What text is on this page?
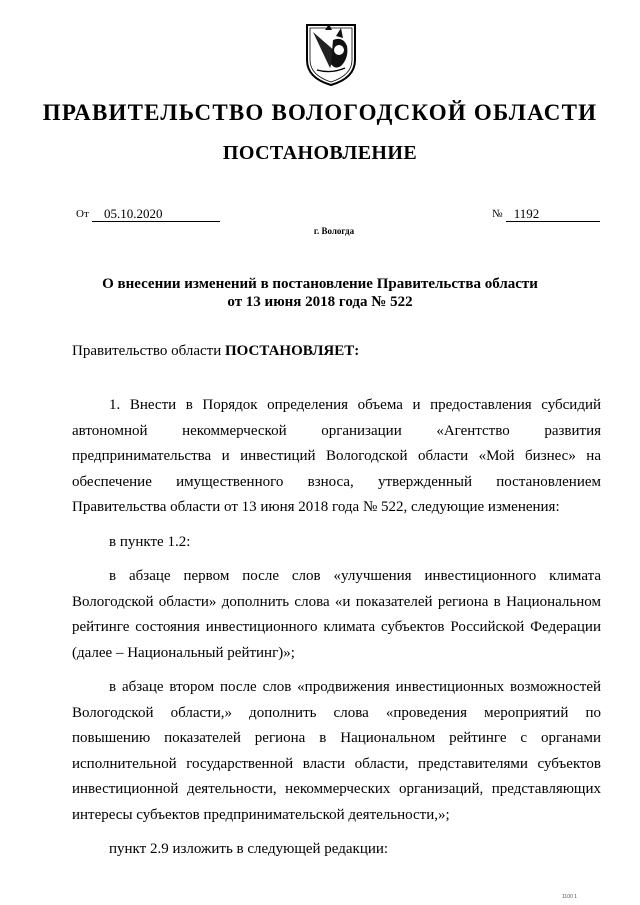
ПРАВИТЕЛЬСТВО ВОЛОГОДСКОЙ ОБЛАСТИ
ПОСТАНОВЛЕНИЕ
От 05.10.2020	№ 1192
г. Вологда
О внесении изменений в постановление Правительства области
от 13 июня 2018 года № 522

Правительство области ПОСТАНОВЛЯЕТ:

1. Внести в Порядок определения объема и предоставления субсидий автономной некоммерческой организации «Агентство развития предпринимательства и инвестиций Вологодской области «Мой бизнес» на обеспечение имущественного взноса, утвержденный постановлением Правительства области от 13 июня 2018 года № 522, следующие изменения:

в пункте 1.2:

в абзаце первом после слов «улучшения инвестиционного климата Вологодской области» дополнить слова «и показателей региона в Национальном рейтинге состояния инвестиционного климата субъектов Российской Федерации (далее – Национальный рейтинг)»;

в абзаце втором после слов «продвижения инвестиционных возможностей Вологодской области,» дополнить слова «проведения мероприятий по повышению показателей региона в Национальном рейтинге с органами исполнительной государственной власти области, представителями субъектов инвестиционной деятельности, некоммерческих организаций, представляющих интересы субъектов предпринимательской деятельности,»;

пункт 2.9 изложить в следующей редакции:

1100 1
